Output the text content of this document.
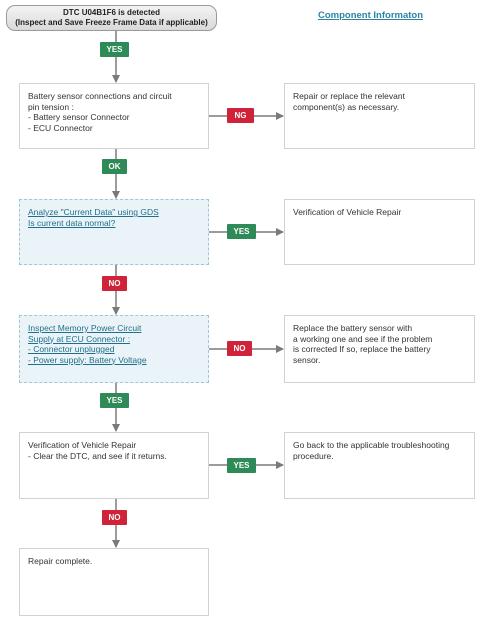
DTC U04B1F6 is detected
(Inspect and Save Freeze Frame Data if applicable)
Component Informaton
Battery sensor connections and circuit
pin tension :
- Battery sensor Connector
- ECU Connector
Analyze "Current Data" using GDS
Is current data normal?
Inspect Memory Power Circuit
Supply at ECU Connector :
- Connector unplugged
- Power supply: Battery Voltage
Verification of Vehicle Repair
- Clear the DTC, and see if it returns.
Repair complete.
Repair or replace the relevant
component(s) as necessary.
Verification of Vehicle Repair
Replace the battery sensor with
a working one and see if the problem
is corrected If so, replace the battery
sensor.
Go back to the applicable troubleshooting
procedure.
YES
NG
OK
YES
NO
NO
YES
YES
NO
